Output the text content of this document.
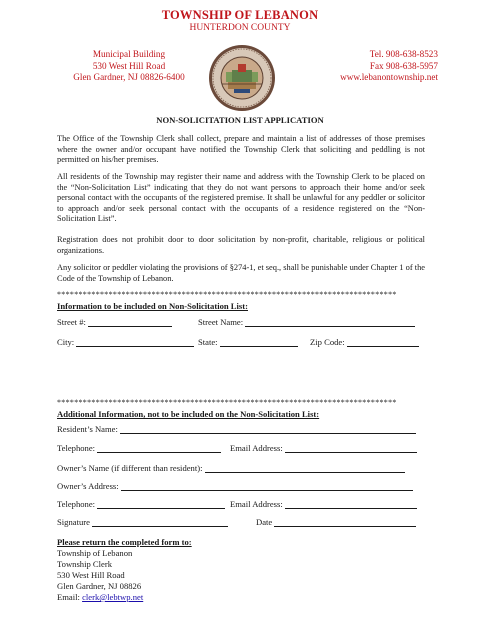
TOWNSHIP OF LEBANON
HUNTERDON COUNTY
Municipal Building
530 West Hill Road
Glen Gardner, NJ 08826-6400
Tel. 908-638-8523
Fax 908-638-5957
www.lebanontownship.net
NON-SOLICITATION LIST APPLICATION
The Office of the Township Clerk shall collect, prepare and maintain a list of addresses of those premises where the owner and/or occupant have notified the Township Clerk that soliciting and peddling is not permitted on his/her premises.
All residents of the Township may register their name and address with the Township Clerk to be placed on the “Non-Solicitation List” indicating that they do not want persons to approach their home and/or seek personal contact with the occupants of the registered premise. It shall be unlawful for any peddler or solicitor to approach and/or seek personal contact with the occupants of a residence registered on the “Non-Solicitation List”.
Registration does not prohibit door to door solicitation by non-profit, charitable, religious or political organizations.
Any solicitor or peddler violating the provisions of §274-1, et seq., shall be punishable under Chapter 1 of the Code of the Township of Lebanon.
*******************************************************************************
Information to be included on Non-Solicitation List:
Street #:	Street Name:
City:	State:	Zip Code:
*******************************************************************************
Additional Information, not to be included on the Non-Solicitation List:
Resident’s Name:
Telephone:	Email Address:
Owner’s Name (if different than resident):
Owner’s Address:
Telephone:	Email Address:
Signature	Date
Please return the completed form to:
Township of Lebanon
Township Clerk
530 West Hill Road
Glen Gardner, NJ 08826
Email: clerk@lebtwp.net
